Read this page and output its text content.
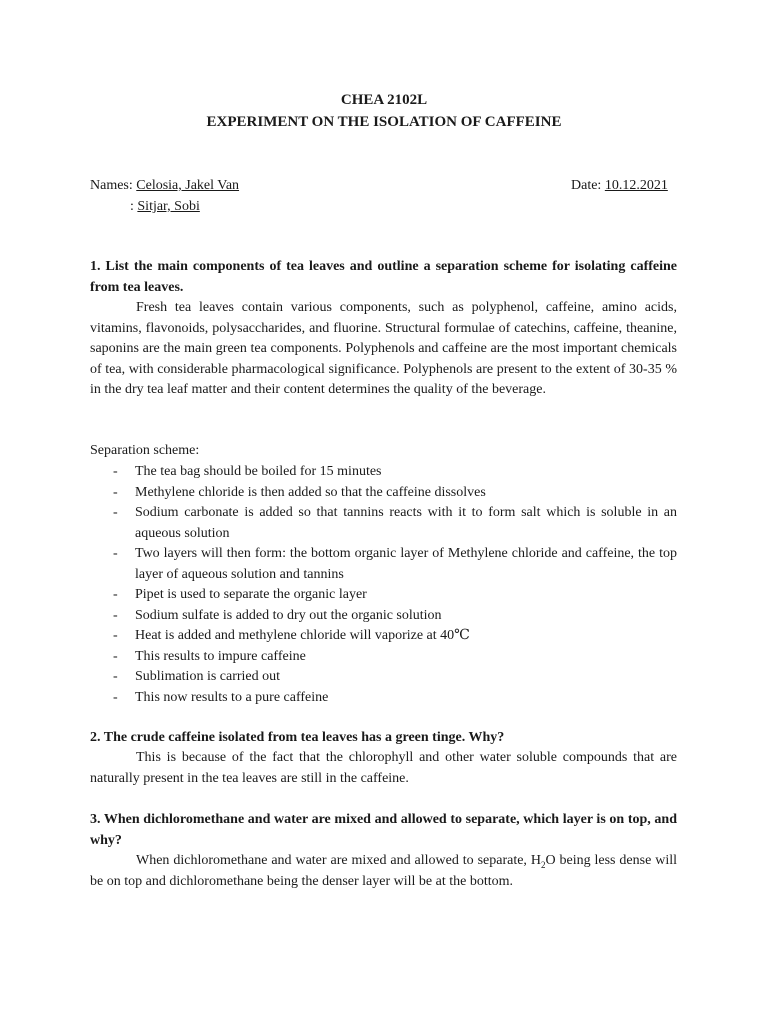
CHEA 2102L
EXPERIMENT ON THE ISOLATION OF CAFFEINE
Names: Celosia, Jakel Van
: Sitjar, Sobi
Date: 10.12.2021
1. List the main components of tea leaves and outline a separation scheme for isolating caffeine from tea leaves.
Fresh tea leaves contain various components, such as polyphenol, caffeine, amino acids, vitamins, flavonoids, polysaccharides, and fluorine. Structural formulae of catechins, caffeine, theanine, saponins are the main green tea components. Polyphenols and caffeine are the most important chemicals of tea, with considerable pharmacological significance. Polyphenols are present to the extent of 30-35 % in the dry tea leaf matter and their content determines the quality of the beverage.
Separation scheme:
- The tea bag should be boiled for 15 minutes
- Methylene chloride is then added so that the caffeine dissolves
- Sodium carbonate is added so that tannins reacts with it to form salt which is soluble in an aqueous solution
- Two layers will then form: the bottom organic layer of Methylene chloride and caffeine, the top layer of aqueous solution and tannins
- Pipet is used to separate the organic layer
- Sodium sulfate is added to dry out the organic solution
- Heat is added and methylene chloride will vaporize at 40℃
- This results to impure caffeine
- Sublimation is carried out
- This now results to a pure caffeine
2. The crude caffeine isolated from tea leaves has a green tinge. Why?
This is because of the fact that the chlorophyll and other water soluble compounds that are naturally present in the tea leaves are still in the caffeine.
3. When dichloromethane and water are mixed and allowed to separate, which layer is on top, and why?
When dichloromethane and water are mixed and allowed to separate, $H_2O$ being less dense will be on top and dichloromethane being the denser layer will be at the bottom.
